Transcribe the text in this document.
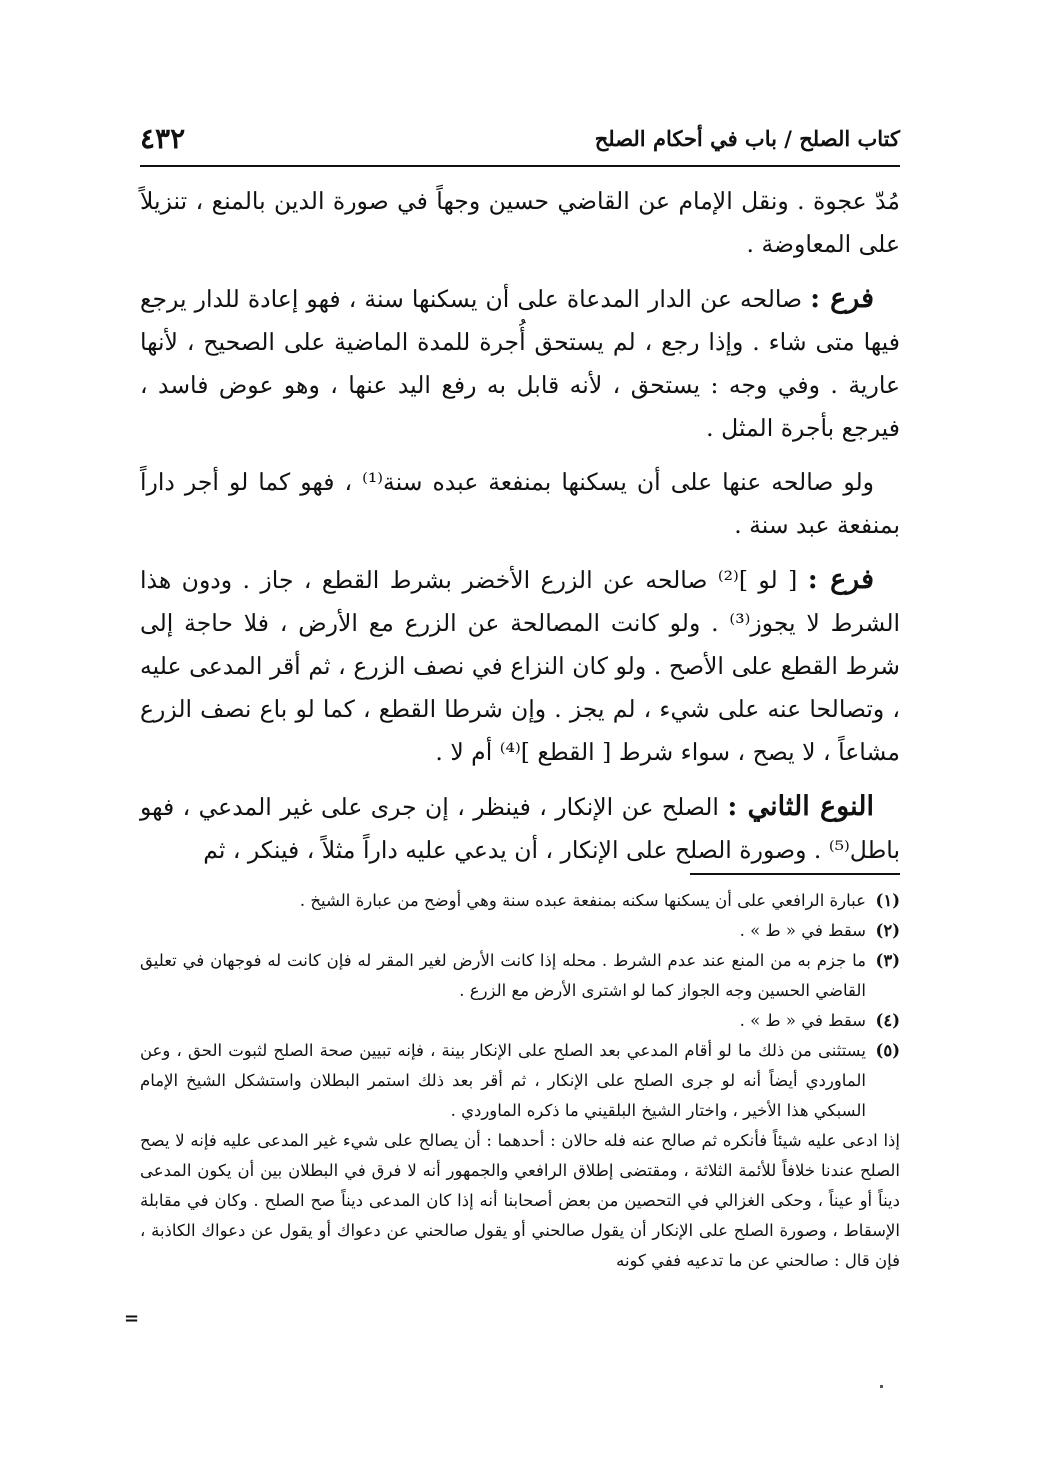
كتاب الصلح / باب في أحكام الصلح
٤٣٢

مُدّ عجوة . ونقل الإمام عن القاضي حسين وجهاً في صورة الدين بالمنع ، تنزيلاً على المعاوضة .

فرع : صالحه عن الدار المدعاة على أن يسكنها سنة ، فهو إعادة للدار يرجع فيها متى شاء . وإذا رجع ، لم يستحق أُجرة للمدة الماضية على الصحيح ، لأنها عارية . وفي وجه : يستحق ، لأنه قابل به رفع اليد عنها ، وهو عوض فاسد ، فيرجع بأجرة المثل .

ولو صالحه عنها على أن يسكنها بمنفعة عبده سنة⁽¹⁾ ، فهو كما لو أجر داراً بمنفعة عبد سنة .

فرع : [ لو ]⁽²⁾ صالحه عن الزرع الأخضر بشرط القطع ، جاز . ودون هذا الشرط لا يجوز⁽³⁾ . ولو كانت المصالحة عن الزرع مع الأرض ، فلا حاجة إلى شرط القطع على الأصح . ولو كان النزاع في نصف الزرع ، ثم أقر المدعى عليه ، وتصالحا عنه على شيء ، لم يجز . وإن شرطا القطع ، كما لو باع نصف الزرع مشاعاً ، لا يصح ، سواء شرط [ القطع ]⁽⁴⁾ أم لا .

النوع الثاني : الصلح عن الإنكار ، فينظر ، إن جرى على غير المدعي ، فهو باطل⁽⁵⁾ . وصورة الصلح على الإنكار ، أن يدعي عليه داراً مثلاً ، فينكر ، ثم

(١)
عبارة الرافعي على أن يسكنها سكنه بمنفعة عبده سنة وهي أوضح من عبارة الشيخ .
(٢)
سقط في « ط » .
(٣)
ما جزم به من المنع عند عدم الشرط . محله إذا كانت الأرض لغير المقر له فإن كانت له فوجهان في تعليق القاضي الحسين وجه الجواز كما لو اشترى الأرض مع الزرع .
(٤)
سقط في « ط » .
(٥)
يستثنى من ذلك ما لو أقام المدعي بعد الصلح على الإنكار بينة ، فإنه تبيين صحة الصلح لثبوت الحق ، وعن الماوردي أيضاً أنه لو جرى الصلح على الإنكار ، ثم أقر بعد ذلك استمر البطلان واستشكل الشيخ الإمام السبكي هذا الأخير ، واختار الشيخ البلقيني ما ذكره الماوردي .
إذا ادعى عليه شيئاً فأنكره ثم صالح عنه فله حالان : أحدهما : أن يصالح على شيء غير المدعى عليه فإنه لا يصح الصلح عندنا خلافاً للأئمة الثلاثة ، ومقتضى إطلاق الرافعي والجمهور أنه لا فرق في البطلان بين أن يكون المدعى ديناً أو عيناً ، وحكى الغزالي في التحصين من بعض أصحابنا أنه إذا كان المدعى ديناً صح الصلح . وكان في مقابلة الإسقاط ، وصورة الصلح على الإنكار أن يقول صالحني أو يقول صالحني عن دعواك أو يقول عن دعواك الكاذبة ، فإن قال : صالحني عن ما تدعيه ففي كونه
=
